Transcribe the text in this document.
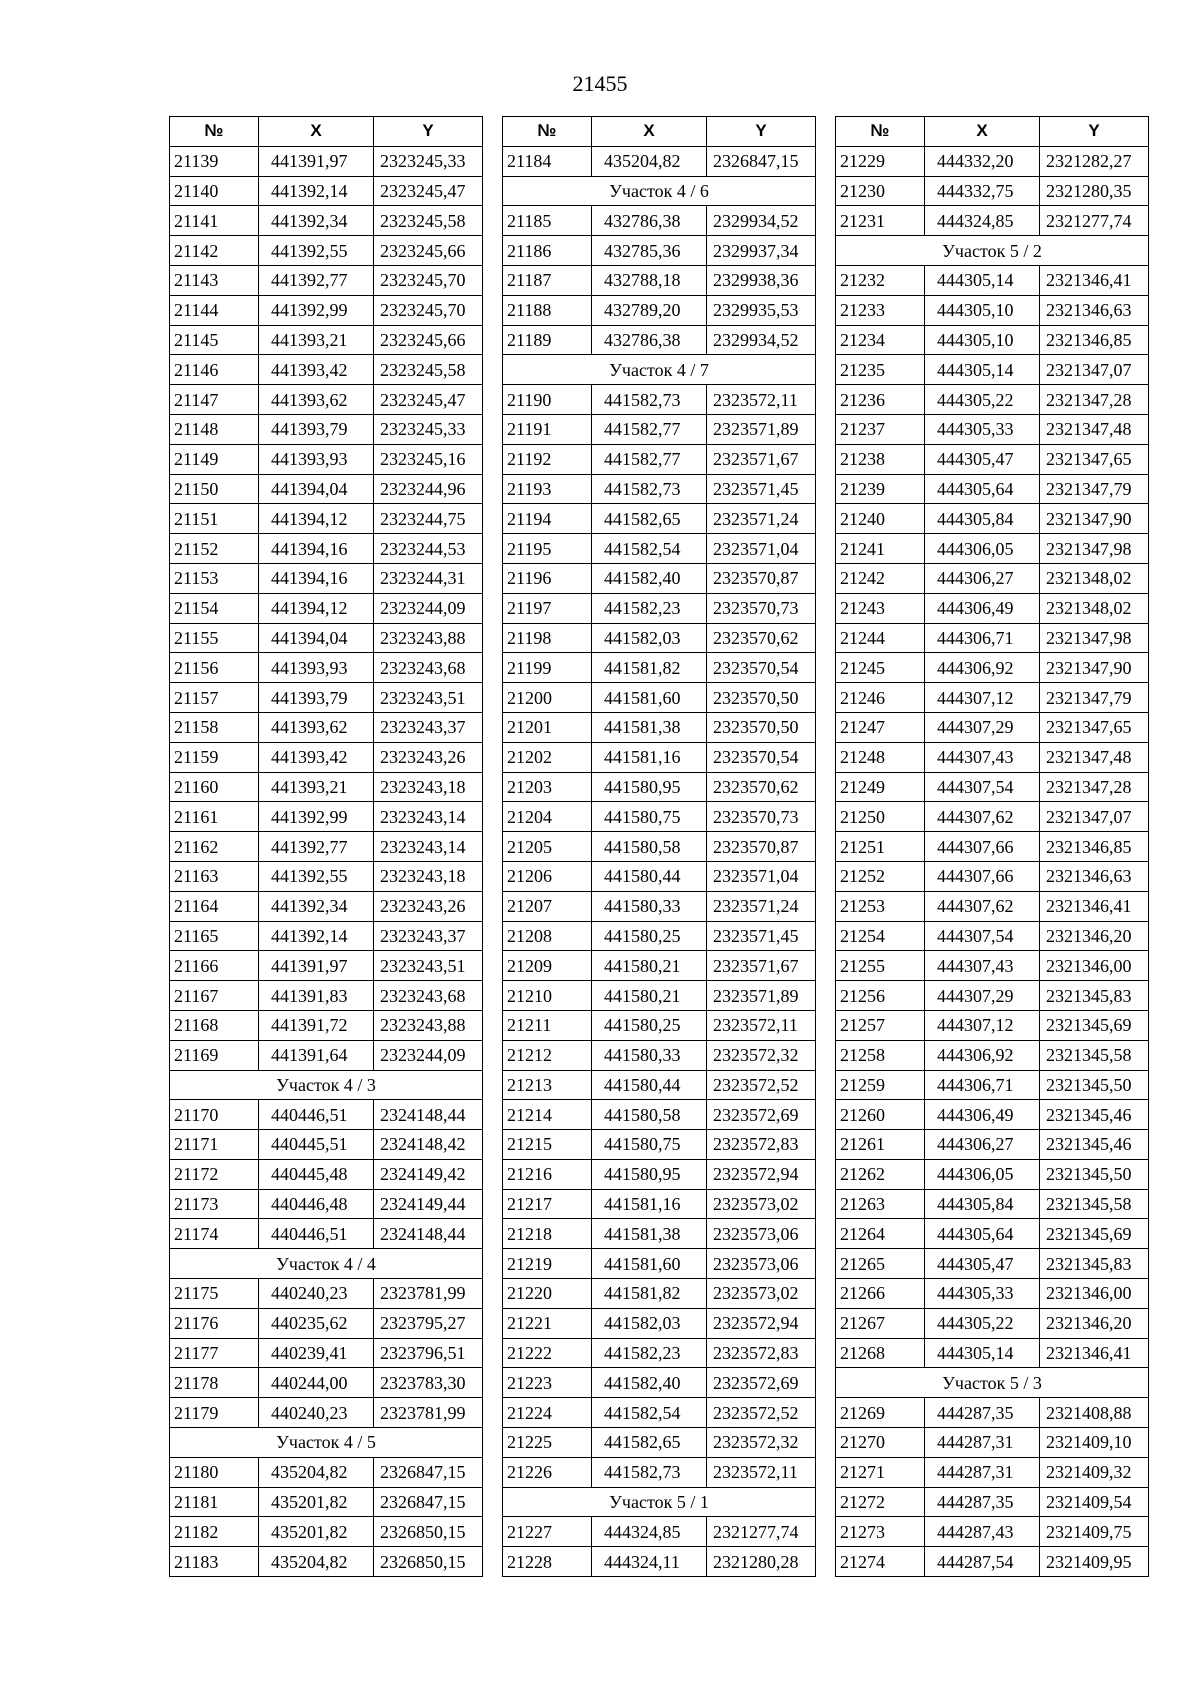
21455
№	X	Y
21139	441391,97	2323245,33
21140	441392,14	2323245,47
21141	441392,34	2323245,58
21142	441392,55	2323245,66
21143	441392,77	2323245,70
21144	441392,99	2323245,70
21145	441393,21	2323245,66
21146	441393,42	2323245,58
21147	441393,62	2323245,47
21148	441393,79	2323245,33
21149	441393,93	2323245,16
21150	441394,04	2323244,96
21151	441394,12	2323244,75
21152	441394,16	2323244,53
21153	441394,16	2323244,31
21154	441394,12	2323244,09
21155	441394,04	2323243,88
21156	441393,93	2323243,68
21157	441393,79	2323243,51
21158	441393,62	2323243,37
21159	441393,42	2323243,26
21160	441393,21	2323243,18
21161	441392,99	2323243,14
21162	441392,77	2323243,14
21163	441392,55	2323243,18
21164	441392,34	2323243,26
21165	441392,14	2323243,37
21166	441391,97	2323243,51
21167	441391,83	2323243,68
21168	441391,72	2323243,88
21169	441391,64	2323244,09
Участок 4 / 3		
21170	440446,51	2324148,44
21171	440445,51	2324148,42
21172	440445,48	2324149,42
21173	440446,48	2324149,44
21174	440446,51	2324148,44
Участок 4 / 4		
21175	440240,23	2323781,99
21176	440235,62	2323795,27
21177	440239,41	2323796,51
21178	440244,00	2323783,30
21179	440240,23	2323781,99
Участок 4 / 5		
21180	435204,82	2326847,15
21181	435201,82	2326847,15
21182	435201,82	2326850,15
21183	435204,82	2326850,15
№	X	Y
21184	435204,82	2326847,15
Участок 4 / 6		
21185	432786,38	2329934,52
21186	432785,36	2329937,34
21187	432788,18	2329938,36
21188	432789,20	2329935,53
21189	432786,38	2329934,52
Участок 4 / 7		
21190	441582,73	2323572,11
21191	441582,77	2323571,89
21192	441582,77	2323571,67
21193	441582,73	2323571,45
21194	441582,65	2323571,24
21195	441582,54	2323571,04
21196	441582,40	2323570,87
21197	441582,23	2323570,73
21198	441582,03	2323570,62
21199	441581,82	2323570,54
21200	441581,60	2323570,50
21201	441581,38	2323570,50
21202	441581,16	2323570,54
21203	441580,95	2323570,62
21204	441580,75	2323570,73
21205	441580,58	2323570,87
21206	441580,44	2323571,04
21207	441580,33	2323571,24
21208	441580,25	2323571,45
21209	441580,21	2323571,67
21210	441580,21	2323571,89
21211	441580,25	2323572,11
21212	441580,33	2323572,32
21213	441580,44	2323572,52
21214	441580,58	2323572,69
21215	441580,75	2323572,83
21216	441580,95	2323572,94
21217	441581,16	2323573,02
21218	441581,38	2323573,06
21219	441581,60	2323573,06
21220	441581,82	2323573,02
21221	441582,03	2323572,94
21222	441582,23	2323572,83
21223	441582,40	2323572,69
21224	441582,54	2323572,52
21225	441582,65	2323572,32
21226	441582,73	2323572,11
Участок 5 / 1		
21227	444324,85	2321277,74
21228	444324,11	2321280,28
№	X	Y
21229	444332,20	2321282,27
21230	444332,75	2321280,35
21231	444324,85	2321277,74
Участок 5 / 2		
21232	444305,14	2321346,41
21233	444305,10	2321346,63
21234	444305,10	2321346,85
21235	444305,14	2321347,07
21236	444305,22	2321347,28
21237	444305,33	2321347,48
21238	444305,47	2321347,65
21239	444305,64	2321347,79
21240	444305,84	2321347,90
21241	444306,05	2321347,98
21242	444306,27	2321348,02
21243	444306,49	2321348,02
21244	444306,71	2321347,98
21245	444306,92	2321347,90
21246	444307,12	2321347,79
21247	444307,29	2321347,65
21248	444307,43	2321347,48
21249	444307,54	2321347,28
21250	444307,62	2321347,07
21251	444307,66	2321346,85
21252	444307,66	2321346,63
21253	444307,62	2321346,41
21254	444307,54	2321346,20
21255	444307,43	2321346,00
21256	444307,29	2321345,83
21257	444307,12	2321345,69
21258	444306,92	2321345,58
21259	444306,71	2321345,50
21260	444306,49	2321345,46
21261	444306,27	2321345,46
21262	444306,05	2321345,50
21263	444305,84	2321345,58
21264	444305,64	2321345,69
21265	444305,47	2321345,83
21266	444305,33	2321346,00
21267	444305,22	2321346,20
21268	444305,14	2321346,41
Участок 5 / 3		
21269	444287,35	2321408,88
21270	444287,31	2321409,10
21271	444287,31	2321409,32
21272	444287,35	2321409,54
21273	444287,43	2321409,75
21274	444287,54	2321409,95
